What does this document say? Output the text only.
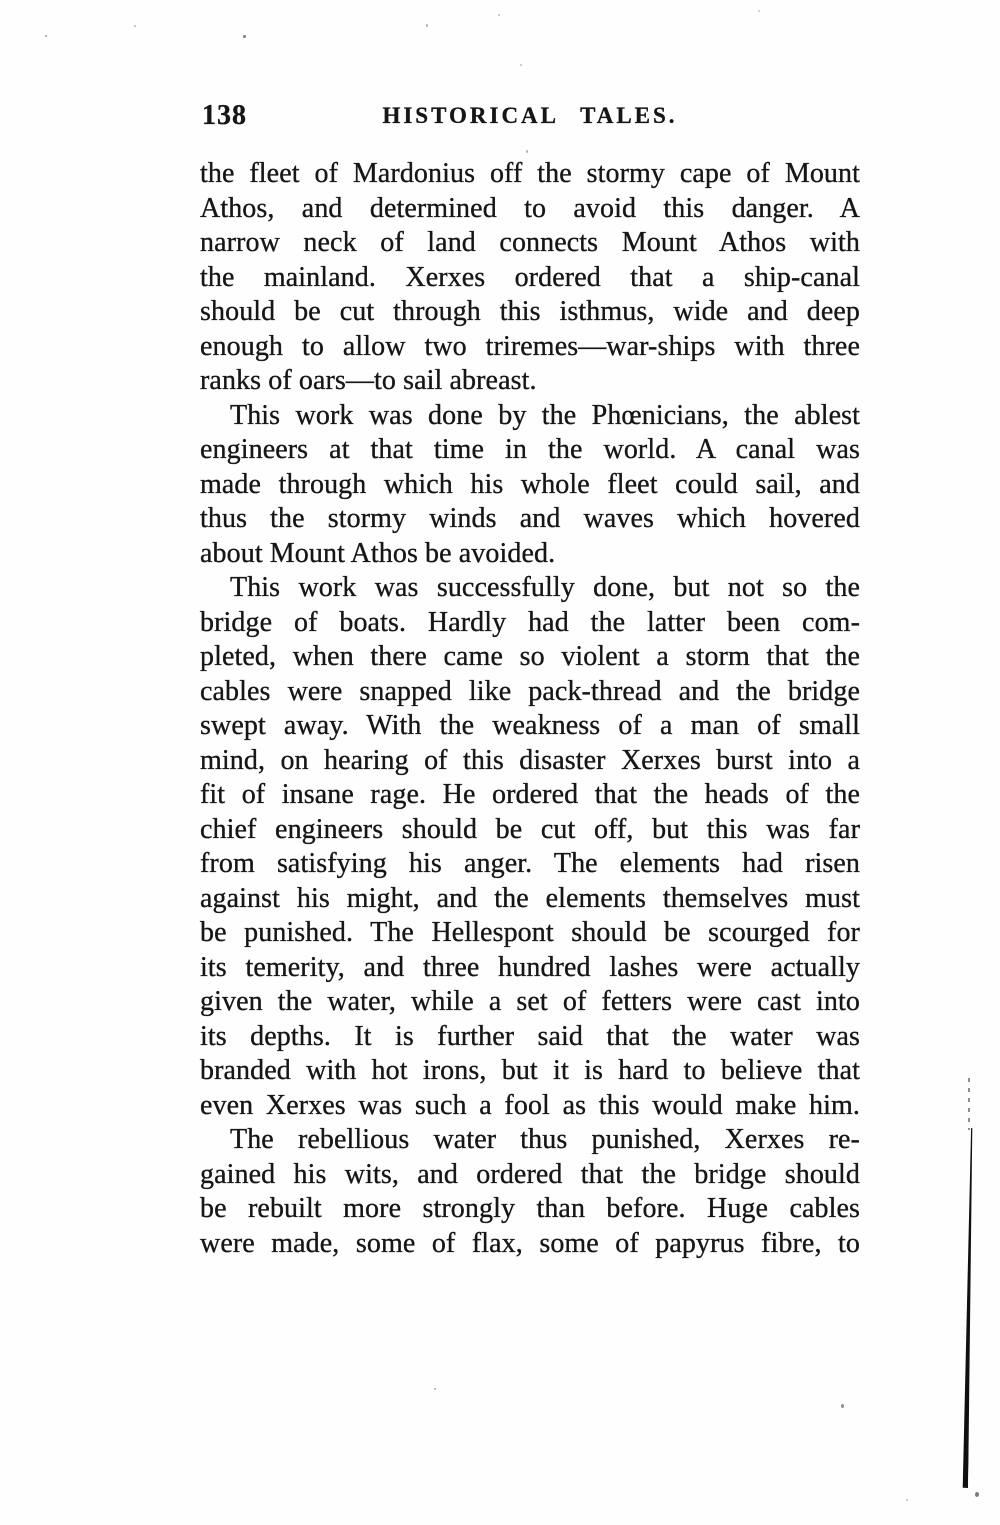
138	HISTORICAL TALES.
the fleet of Mardonius off the stormy cape of Mount
Athos, and determined to avoid this danger. A
narrow neck of land connects Mount Athos with
the mainland. Xerxes ordered that a ship-canal
should be cut through this isthmus, wide and deep
enough to allow two triremes—war-ships with three
ranks of oars—to sail abreast.
This work was done by the Phœnicians, the ablest
engineers at that time in the world. A canal was
made through which his whole fleet could sail, and
thus the stormy winds and waves which hovered
about Mount Athos be avoided.
This work was successfully done, but not so the
bridge of boats. Hardly had the latter been com-
pleted, when there came so violent a storm that the
cables were snapped like pack-thread and the bridge
swept away. With the weakness of a man of small
mind, on hearing of this disaster Xerxes burst into a
fit of insane rage. He ordered that the heads of the
chief engineers should be cut off, but this was far
from satisfying his anger. The elements had risen
against his might, and the elements themselves must
be punished. The Hellespont should be scourged for
its temerity, and three hundred lashes were actually
given the water, while a set of fetters were cast into
its depths. It is further said that the water was
branded with hot irons, but it is hard to believe that
even Xerxes was such a fool as this would make him.
The rebellious water thus punished, Xerxes re-
gained his wits, and ordered that the bridge should
be rebuilt more strongly than before. Huge cables
were made, some of flax, some of papyrus fibre, to
